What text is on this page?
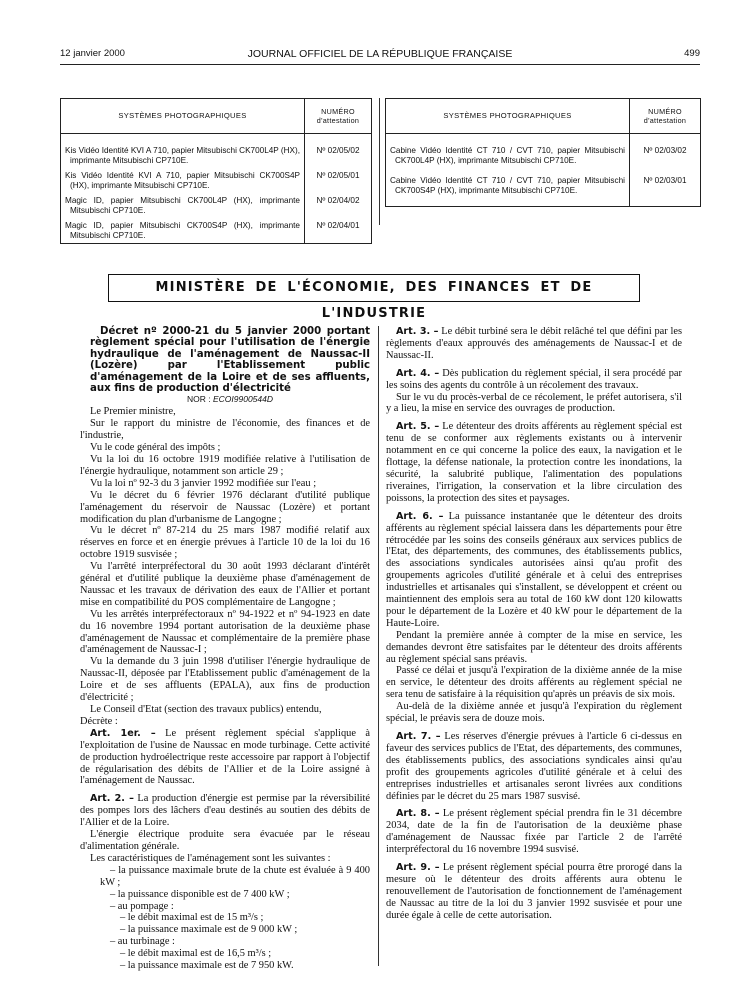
12 janvier 2000	JOURNAL OFFICIEL DE LA RÉPUBLIQUE FRANÇAISE	499
SYSTÈMES PHOTOGRAPHIQUES	NUMÉRO
d'attestation

Kis Vidéo Identité KVI A 710, papier Mitsubischi CK700L4P (HX), imprimante Mitsubischi CP710E.	Nº 02/05/02

Kis Vidéo Identité KVI A 710, papier Mitsubischi CK700S4P (HX), imprimante Mitsubischi CP710E.	Nº 02/05/01

Magic ID, papier Mitsubischi CK700L4P (HX), imprimante Mitsubischi CP710E.	Nº 02/04/02

Magic ID, papier Mitsubischi CK700S4P (HX), imprimante Mitsubischi CP710E.	Nº 02/04/01
SYSTÈMES PHOTOGRAPHIQUES	NUMÉRO
d'attestation

Cabine Vidéo Identité CT 710 / CVT 710, papier Mitsubischi CK700L4P (HX), imprimante Mitsubischi CP710E.	Nº 02/03/02

Cabine Vidéo Identité CT 710 / CVT 710, papier Mitsubischi CK700S4P (HX), imprimante Mitsubischi CP710E.	Nº 02/03/01
MINISTÈRE DE L'ÉCONOMIE, DES FINANCES ET DE L'INDUSTRIE

Décret nº 2000-21 du 5 janvier 2000 portant règlement spécial pour l'utilisation de l'énergie hydraulique de l'aménagement de Naussac-II (Lozère) par l'Etablissement public d'aménagement de la Loire et de ses affluents, aux fins de production d'électricité

NOR : ECOI9900544D

Le Premier ministre,

Sur le rapport du ministre de l'économie, des finances et de l'industrie,

Vu le code général des impôts ;

Vu la loi du 16 octobre 1919 modifiée relative à l'utilisation de l'énergie hydraulique, notamment son article 29 ;

Vu la loi nº 92-3 du 3 janvier 1992 modifiée sur l'eau ;

Vu le décret du 6 février 1976 déclarant d'utilité publique l'aménagement du réservoir de Naussac (Lozère) et portant modification du plan d'urbanisme de Langogne ;

Vu le décret nº 87-214 du 25 mars 1987 modifié relatif aux réserves en force et en énergie prévues à l'article 10 de la loi du 16 octobre 1919 susvisée ;

Vu l'arrêté interpréfectoral du 30 août 1993 déclarant d'intérêt général et d'utilité publique la deuxième phase d'aménagement de Naussac et les travaux de dérivation des eaux de l'Allier et portant mise en compatibilité du POS complémentaire de Langogne ;

Vu les arrêtés interpréfectoraux nº 94-1922 et nº 94-1923 en date du 16 novembre 1994 portant autorisation de la deuxième phase d'aménagement de Naussac et complémentaire de la première phase d'aménagement de Naussac-I ;

Vu la demande du 3 juin 1998 d'utiliser l'énergie hydraulique de Naussac-II, déposée par l'Etablissement public d'aménagement de la Loire et de ses affluents (EPALA), aux fins de production d'électricité ;

Le Conseil d'Etat (section des travaux publics) entendu,

Décrète :

Art. 1er. – Le présent règlement spécial s'applique à l'exploitation de l'usine de Naussac en mode turbinage. Cette activité de production hydroélectrique reste accessoire par rapport à l'objectif de régularisation des débits de l'Allier et de la Loire assigné à l'aménagement de Naussac.

Art. 2. – La production d'énergie est permise par la réversibilité des pompes lors des lâchers d'eau destinés au soutien des débits de l'Allier et de la Loire.

L'énergie électrique produite sera évacuée par le réseau d'alimentation générale.

Les caractéristiques de l'aménagement sont les suivantes :

– la puissance maximale brute de la chute est évaluée à 9 400 kW ;

– la puissance disponible est de 7 400 kW ;

– au pompage :

– le débit maximal est de 15 m³/s ;

– la puissance maximale est de 9 000 kW ;

– au turbinage :

– le débit maximal est de 16,5 m³/s ;

– la puissance maximale est de 7 950 kW.

Art. 3. – Le débit turbiné sera le débit relâché tel que défini par les règlements d'eaux approuvés des aménagements de Naussac-I et de Naussac-II.

Art. 4. – Dès publication du règlement spécial, il sera procédé par les soins des agents du contrôle à un récolement des travaux.

Sur le vu du procès-verbal de ce récolement, le préfet autorisera, s'il y a lieu, la mise en service des ouvrages de production.

Art. 5. – Le détenteur des droits afférents au règlement spécial est tenu de se conformer aux règlements existants ou à intervenir notamment en ce qui concerne la police des eaux, la navigation et le flottage, la défense nationale, la protection contre les inondations, la sécurité, la salubrité publique, l'alimentation des populations riveraines, l'irrigation, la conservation et la libre circulation des poissons, la protection des sites et paysages.

Art. 6. – La puissance instantanée que le détenteur des droits afférents au règlement spécial laissera dans les départements pour être rétrocédée par les soins des conseils généraux aux services publics de l'Etat, des départements, des communes, des établissements publics, des associations syndicales autorisées ainsi qu'au profit des groupements agricoles d'utilité générale et à celui des entreprises industrielles et artisanales qui s'installent, se développent et créent ou maintiennent des emplois sera au total de 160 kW dont 120 kilowatts pour le département de la Lozère et 40 kW pour le département de la Haute-Loire.

Pendant la première année à compter de la mise en service, les demandes devront être satisfaites par le détenteur des droits afférents au règlement spécial sans préavis.

Passé ce délai et jusqu'à l'expiration de la dixième année de la mise en service, le détenteur des droits afférents au règlement spécial ne sera tenu de satisfaire à la réquisition qu'après un préavis de six mois.

Au-delà de la dixième année et jusqu'à l'expiration du règlement spécial, le préavis sera de douze mois.

Art. 7. – Les réserves d'énergie prévues à l'article 6 ci-dessus en faveur des services publics de l'Etat, des départements, des communes, des établissements publics, des associations syndicales ainsi qu'au profit des groupements agricoles d'utilité générale et à celui des entreprises industrielles et artisanales seront livrées aux conditions définies par le décret du 25 mars 1987 susvisé.

Art. 8. – Le présent règlement spécial prendra fin le 31 décembre 2034, date de la fin de l'autorisation de la deuxième phase d'aménagement de Naussac fixée par l'article 2 de l'arrêté interpréfectoral du 16 novembre 1994 susvisé.

Art. 9. – Le présent règlement spécial pourra être prorogé dans la mesure où le détenteur des droits afférents aura obtenu le renouvellement de l'autorisation de fonctionnement de l'aménagement de Naussac au titre de la loi du 3 janvier 1992 susvisée et pour une durée égale à celle de cette autorisation.
